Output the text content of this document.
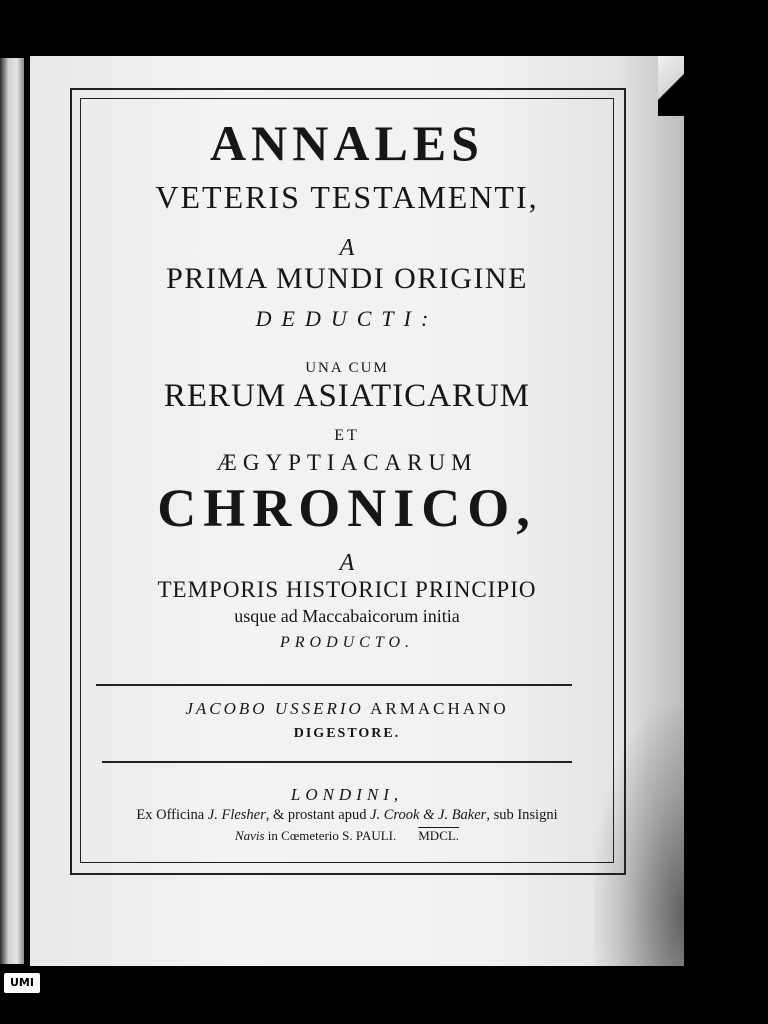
ANNALES
VETERIS TESTAMENTI,
A
PRIMA MUNDI ORIGINE
DEDUCTI:
UNA CUM
RERUM ASIATICARUM
ET
ÆGYPTIACARUM
CHRONICO,
A
TEMPORIS HISTORICI PRINCIPIO
usque ad Maccabaicorum initia
PRODUCTO.
JACOBO USSERIO ARMACHANO
DIGESTORE.
LONDINI,
Ex Officina J. Flesher, & prostant apud J. Crook & J. Baker, sub Insigni
Navis in Cœmeterio S. PAULI. MDCL.
UMI
